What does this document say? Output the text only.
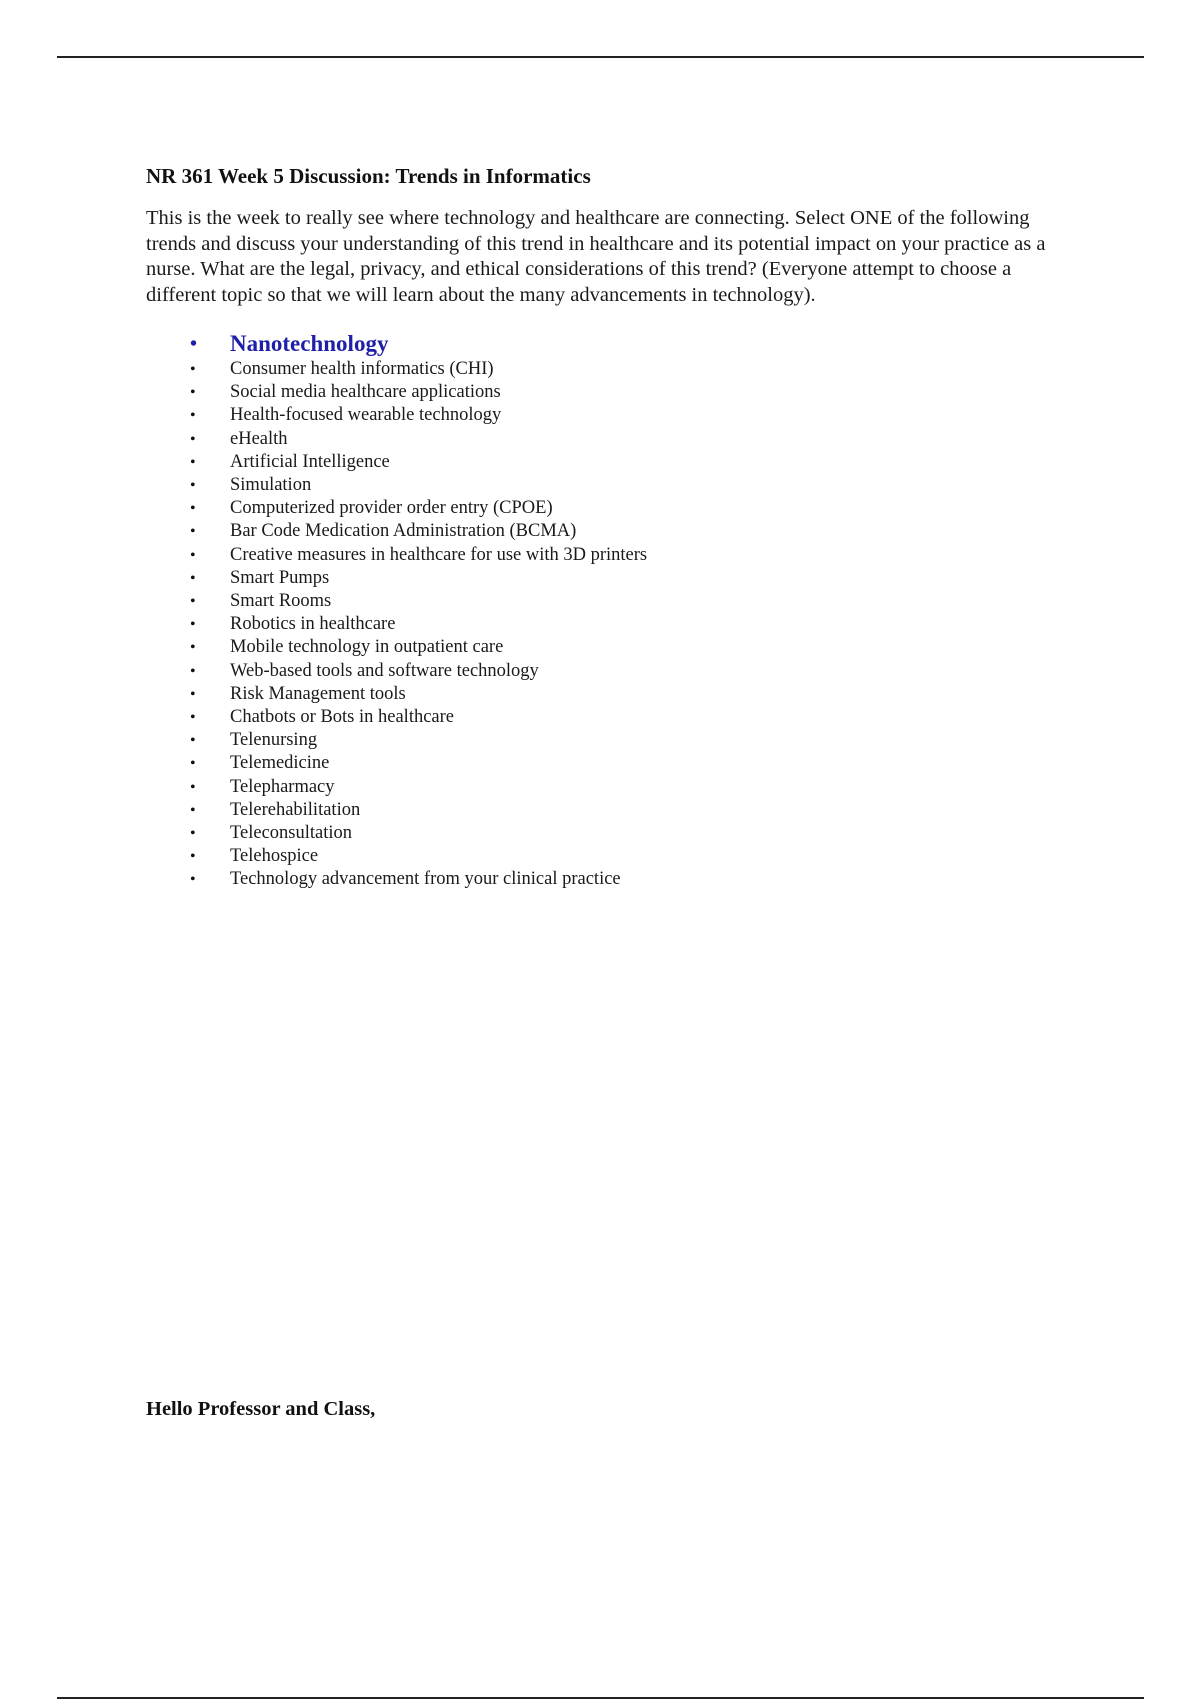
NR 361 Week 5 Discussion: Trends in Informatics

This is the week to really see where technology and healthcare are connecting. Select ONE of the following trends and discuss your understanding of this trend in healthcare and its potential impact on your practice as a nurse. What are the legal, privacy, and ethical considerations of this trend? (Everyone attempt to choose a different topic so that we will learn about the many advancements in technology).

• Nanotechnology
• Consumer health informatics (CHI)
• Social media healthcare applications
• Health-focused wearable technology
• eHealth
• Artificial Intelligence
• Simulation
• Computerized provider order entry (CPOE)
• Bar Code Medication Administration (BCMA)
• Creative measures in healthcare for use with 3D printers
• Smart Pumps
• Smart Rooms
• Robotics in healthcare
• Mobile technology in outpatient care
• Web-based tools and software technology
• Risk Management tools
• Chatbots or Bots in healthcare
• Telenursing
• Telemedicine
• Telepharmacy
• Telerehabilitation
• Teleconsultation
• Telehospice
• Technology advancement from your clinical practice

Hello Professor and Class,
